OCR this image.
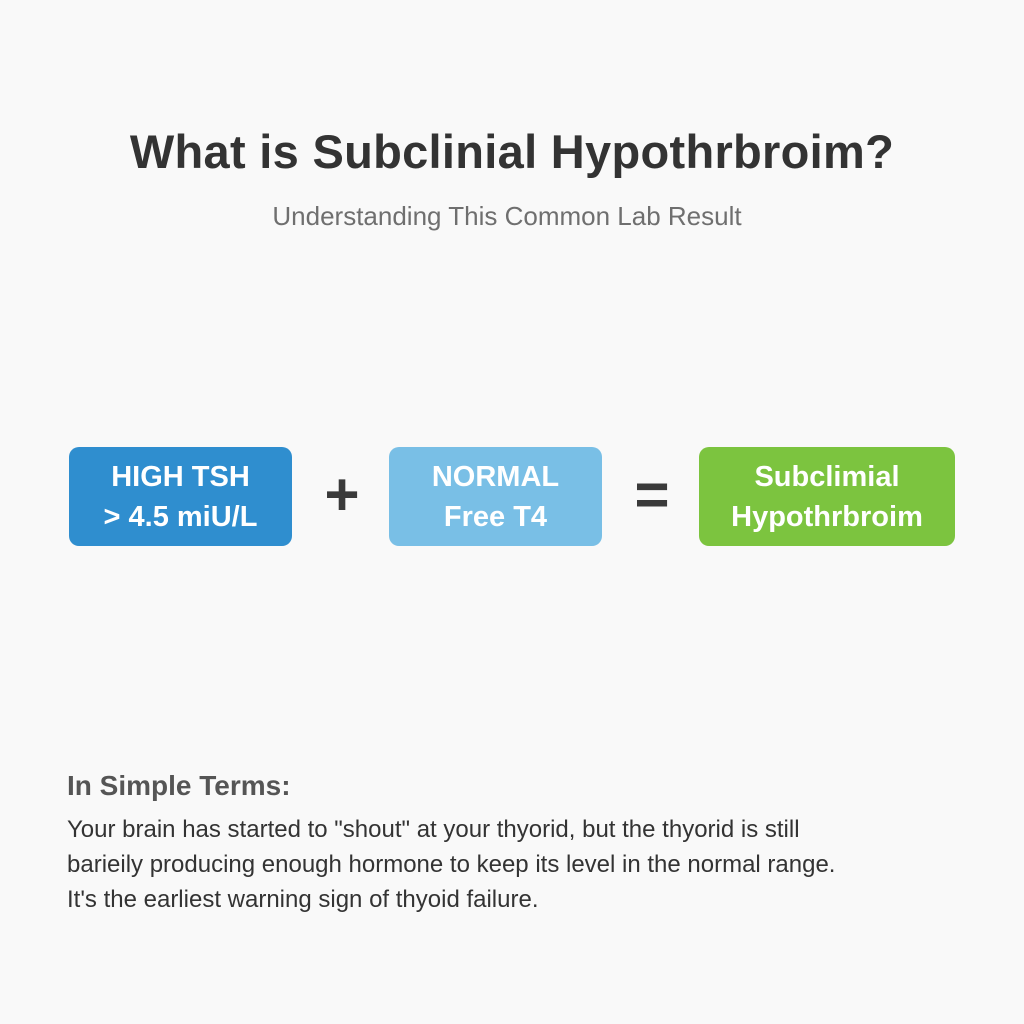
What is Subclinial Hypothrbroim?
Understanding This Common Lab Result
HIGH TSH
> 4.5 miU/L + NORMAL
Free T4 =	Subclimial
Hypothrbroim
In Simple Terms:
Your brain has started to "shout" at your thyorid, but the thyorid is still
barieily producing enough hormone to keep its level in the normal range.
It's the earliest warning sign of thyoid failure.
